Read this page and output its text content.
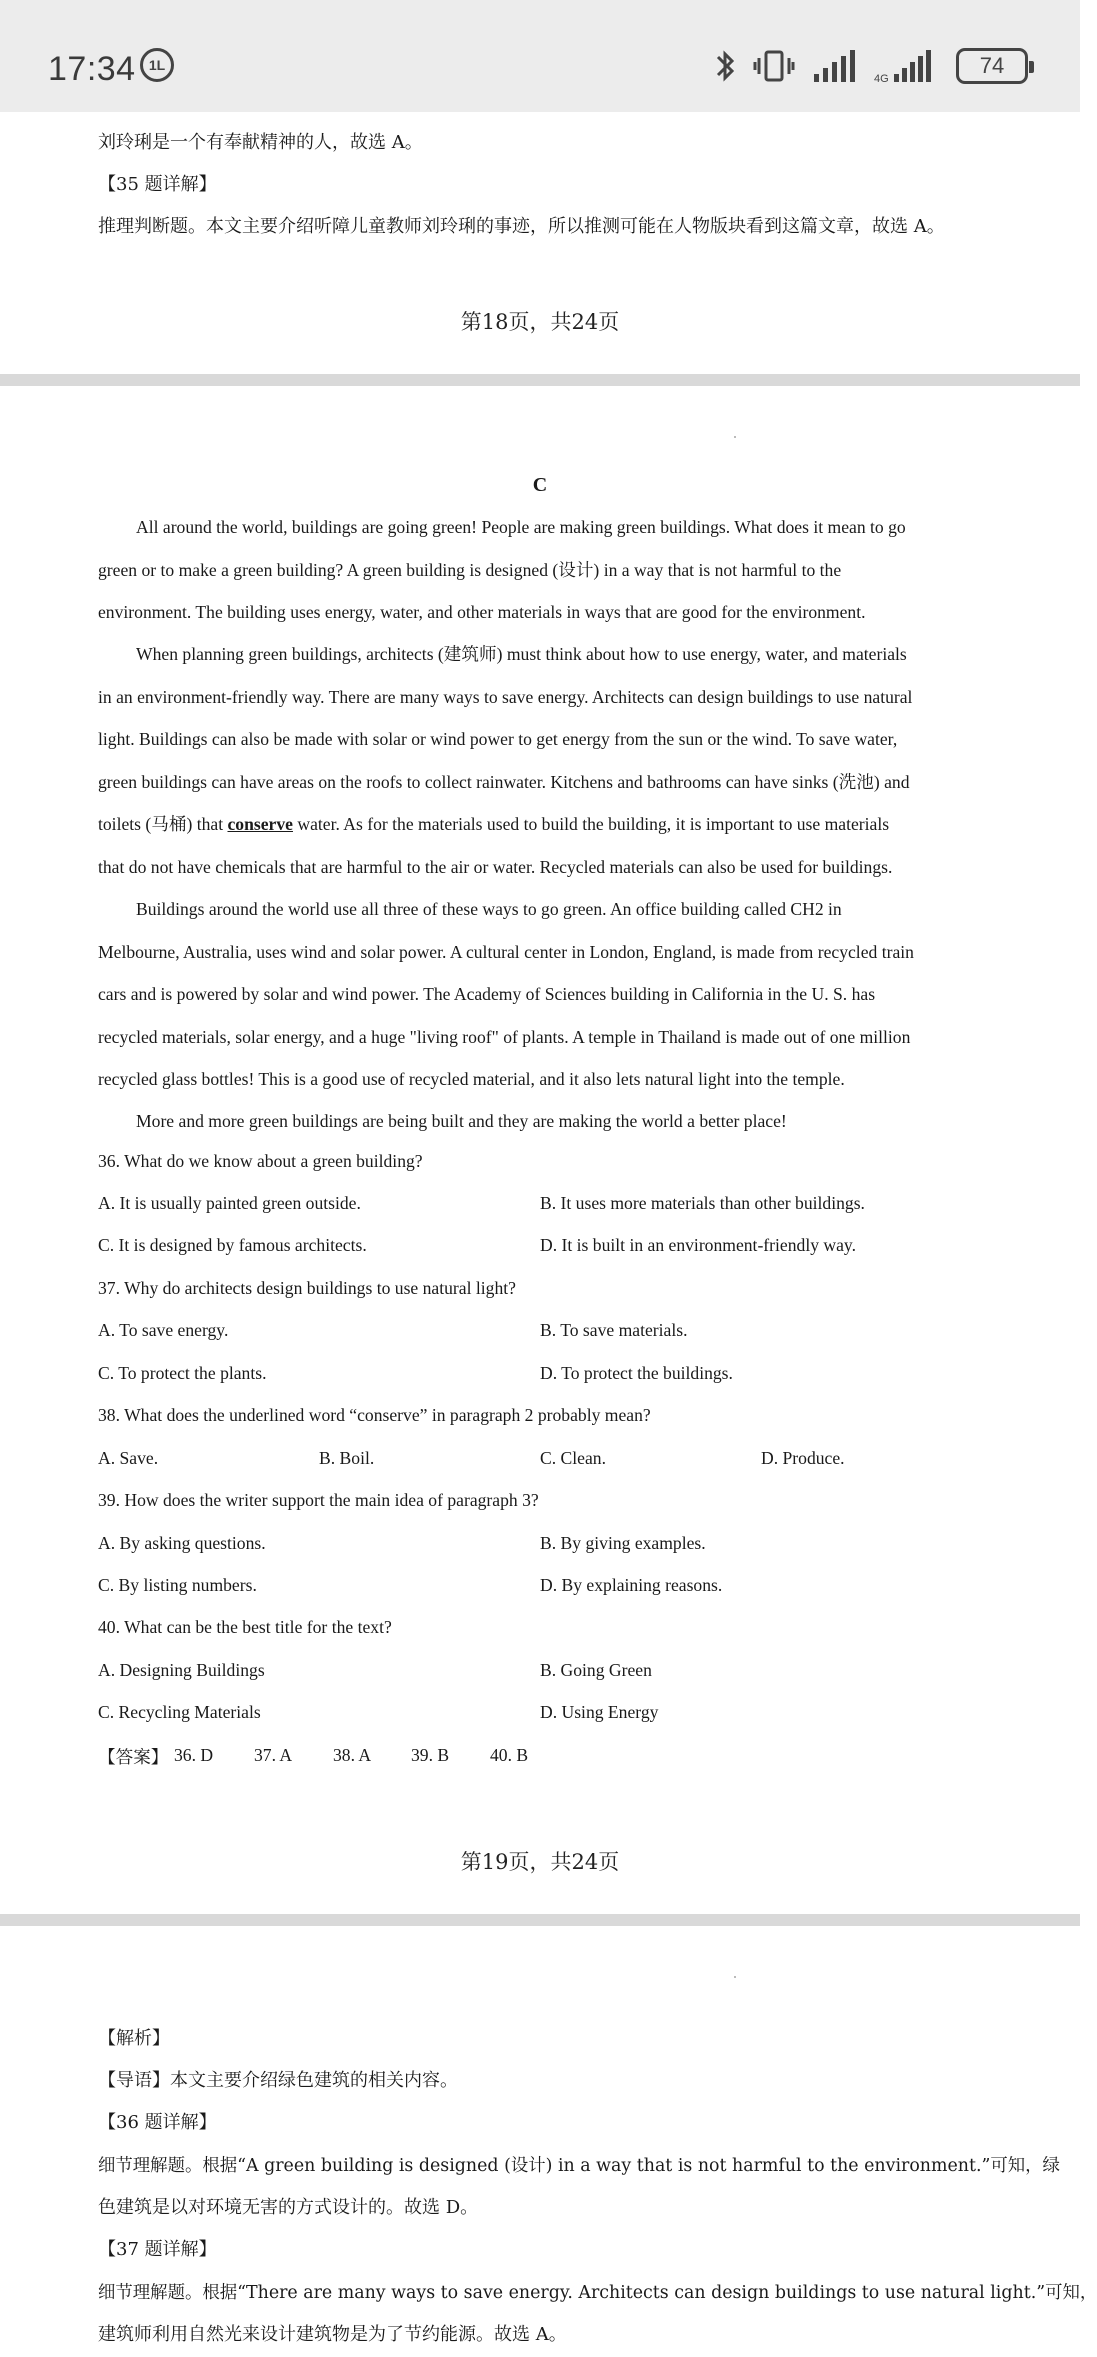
17:34 1L
4G
74
刘玲琍是一个有奉献精神的人，故选 A。
【35 题详解】
推理判断题。本文主要介绍听障儿童教师刘玲琍的事迹，所以推测可能在人物版块看到这篇文章，故选 A。
第18页，共24页
C
All around the world, buildings are going green! People are making green buildings. What does it mean to go
green or to make a green building? A green building is designed (设计) in a way that is not harmful to the
environment. The building uses energy, water, and other materials in ways that are good for the environment.
When planning green buildings, architects (建筑师) must think about how to use energy, water, and materials
in an environment-friendly way. There are many ways to save energy. Architects can design buildings to use natural
light. Buildings can also be made with solar or wind power to get energy from the sun or the wind. To save water,
green buildings can have areas on the roofs to collect rainwater. Kitchens and bathrooms can have sinks (洗池) and
toilets (马桶) that conserve water. As for the materials used to build the building, it is important to use materials
that do not have chemicals that are harmful to the air or water. Recycled materials can also be used for buildings.
Buildings around the world use all three of these ways to go green. An office building called CH2 in
Melbourne, Australia, uses wind and solar power. A cultural center in London, England, is made from recycled train
cars and is powered by solar and wind power. The Academy of Sciences building in California in the U. S. has
recycled materials, solar energy, and a huge "living roof" of plants. A temple in Thailand is made out of one million
recycled glass bottles! This is a good use of recycled material, and it also lets natural light into the temple.
More and more green buildings are being built and they are making the world a better place!
36. What do we know about a green building?
A. It is usually painted green outside.	B. It uses more materials than other buildings.
C. It is designed by famous architects.	D. It is built in an environment-friendly way.
37. Why do architects design buildings to use natural light?
A. To save energy.	B. To save materials.
C. To protect the plants.	D. To protect the buildings.
38. What does the underlined word “conserve” in paragraph 2 probably mean?
A. Save.	B. Boil.	C. Clean.	D. Produce.
39. How does the writer support the main idea of paragraph 3?
A. By asking questions.	B. By giving examples.
C. By listing numbers.	D. By explaining reasons.
40. What can be the best title for the text?
A. Designing Buildings	B. Going Green
C. Recycling Materials	D. Using Energy
【答案】 36. D 37. A 38. A 39. B 40. B
第19页，共24页
【解析】
【导语】本文主要介绍绿色建筑的相关内容。
【36 题详解】
细节理解题。根据“A green building is designed (设计) in a way that is not harmful to the environment.”可知，绿
色建筑是以对环境无害的方式设计的。故选 D。
【37 题详解】
细节理解题。根据“There are many ways to save energy. Architects can design buildings to use natural light.”可知，
建筑师利用自然光来设计建筑物是为了节约能源。故选 A。
